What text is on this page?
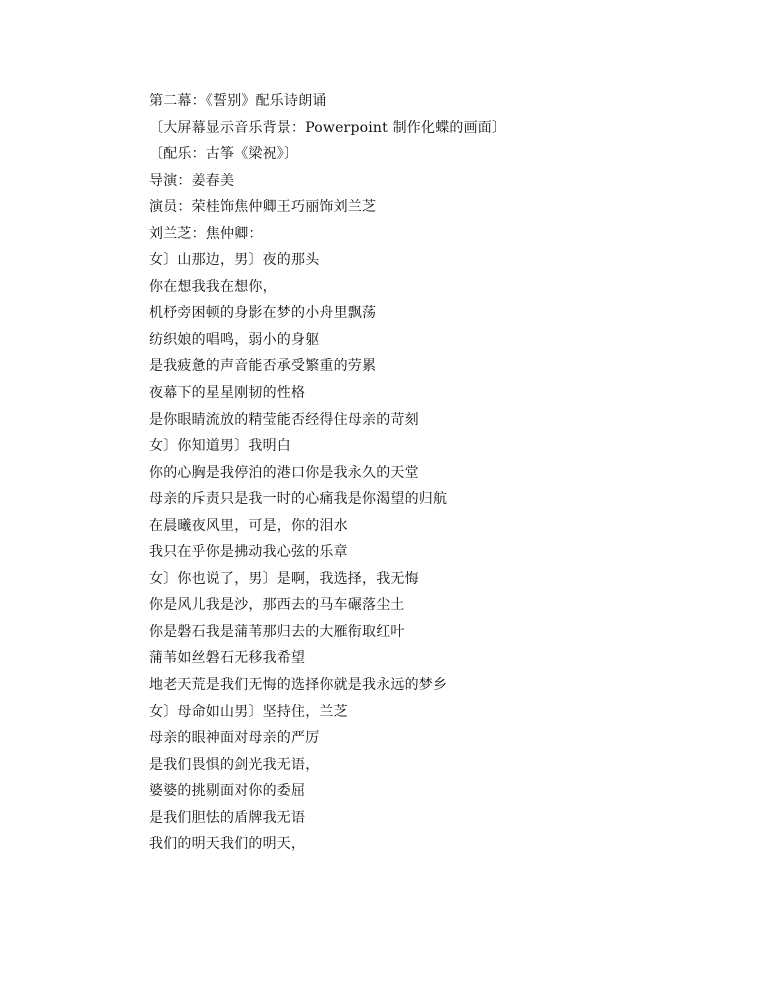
第二幕：《誓别》配乐诗朗诵
〔大屏幕显示音乐背景：Powerpoint 制作化蝶的画面〕
〔配乐：古筝《梁祝》〕
导演：姜春美
演员：荣桂饰焦仲卿王巧丽饰刘兰芝
刘兰芝：焦仲卿：
女〕山那边，男〕夜的那头
你在想我我在想你，
机杼旁困顿的身影在梦的小舟里飘荡
纺织娘的唱鸣，弱小的身躯
是我疲惫的声音能否承受繁重的劳累
夜幕下的星星刚韧的性格
是你眼睛流放的精莹能否经得住母亲的苛刻
女〕你知道男〕我明白
你的心胸是我停泊的港口你是我永久的天堂
母亲的斥责只是我一时的心痛我是你渴望的归航
在晨曦夜风里，可是，你的泪水
我只在乎你是拂动我心弦的乐章
女〕你也说了，男〕是啊，我选择，我无悔
你是风儿我是沙，那西去的马车碾落尘土
你是磐石我是蒲苇那归去的大雁衔取红叶
蒲苇如丝磐石无移我希望
地老天荒是我们无悔的选择你就是我永远的梦乡
女〕母命如山男〕坚持住，兰芝
母亲的眼神面对母亲的严厉
是我们畏惧的剑光我无语，
婆婆的挑剔面对你的委屈
是我们胆怯的盾牌我无语
我们的明天我们的明天，
